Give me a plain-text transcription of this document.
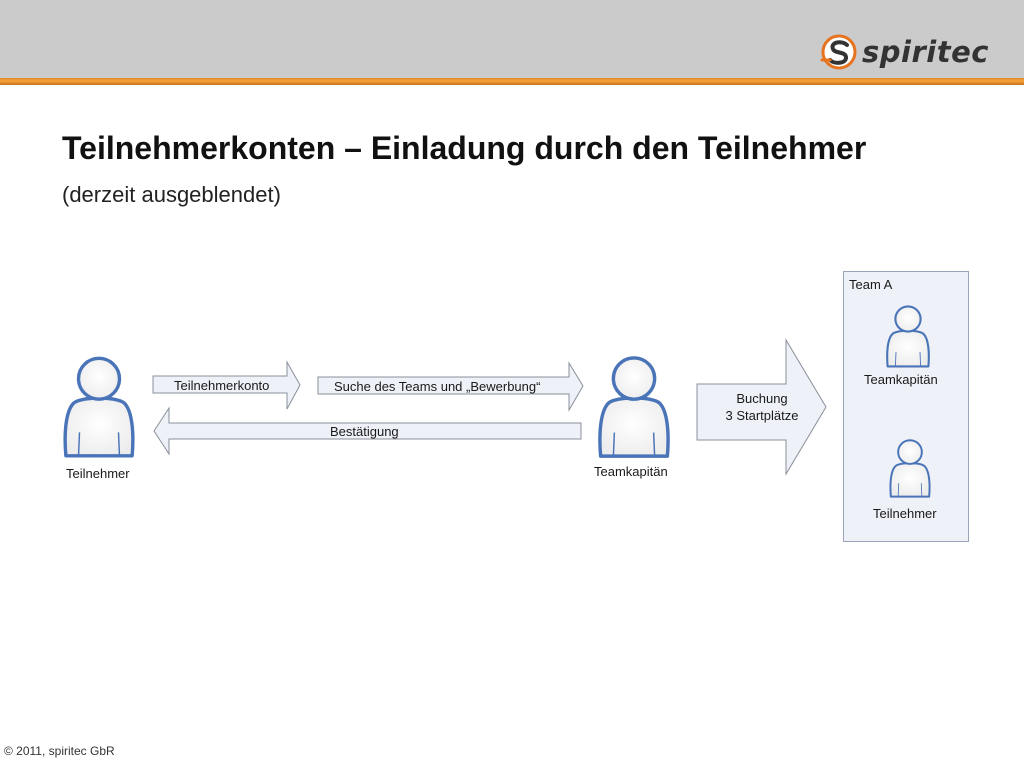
spiritec
Teilnehmerkonten – Einladung durch den Teilnehmer
(derzeit ausgeblendet)
Teilnehmerkonto	Suche des Teams und „Bewerbung“
Bestätigung
Buchung
3 Startplätze
Teilnehmer	Teamkapitän
Team A
Teamkapitän
Teilnehmer
© 2011, spiritec GbR
